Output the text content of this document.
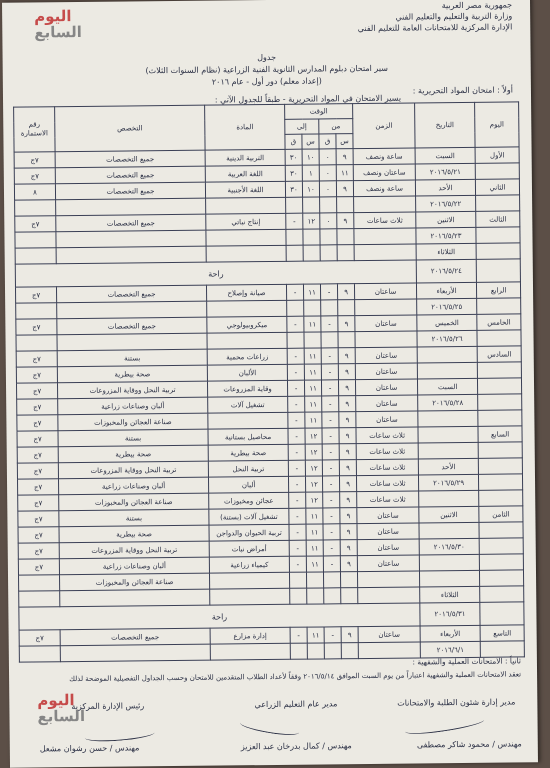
جمهورية مصر العربية
وزارة التربية والتعليم والتعليم الفني
الإدارة المركزية للامتحانات العامة للتعليم الفني
اليوم
السابع
جدول
سير امتحان دبلوم المدارس الثانوية الفنية الزراعية (نظام السنوات الثلاث)
(إعداد معلم) دور أول - عام ٢٠١٦
أولاً : امتحان المواد التحريرية :
يسير الامتحان في المواد التحريرية - طبقاً للجدول الآتي :
اليوم	التاريخ	الزمن	الوقت				المادة	التخصص	رقم الاستمارة
			من		إلى				
			س	ق	س	ق			
الأول	السبت	ساعة ونصف	٩	٠	١٠	٣٠	التربية الدينية	جميع التخصصات	٧ج
	٢٠١٦/٥/٢١	ساعتان ونصف	١١	٠	١	٣٠	اللغة العربية	جميع التخصصات	٧ج
الثاني	الأحد	ساعة ونصف	٩	٠	١٠	٣٠	اللغة الأجنبية	جميع التخصصات	٨
	٢٠١٦/٥/٢٢								
الثالث	الاثنين	ثلاث ساعات	٩	٠	١٢	-	إنتاج نباتي	جميع التخصصات	٧ج
	٢٠١٦/٥/٢٣								
	الثلاثاء								
	٢٠١٦/٥/٢٤	راحة							
الرابع	الأربعاء	ساعتان	٩	-	١١	-	صيانة وإصلاح	جميع التخصصات	٧ج
	٢٠١٦/٥/٢٥								
الخامس	الخميس	ساعتان	٩	-	١١	-	ميكروبيولوجي	جميع التخصصات	٧ج
	٢٠١٦/٥/٢٦								
السادس		ساعتان	٩	-	١١	-	زراعات محمية	بستنة	٧ج
		ساعتان	٩	-	١١	-	الألبان	صحة بيطرية	٧ج
	السبت	ساعتان	٩	-	١١	-	وقاية المزروعات	تربية النحل ووقاية المزروعات	٧ج
	٢٠١٦/٥/٢٨	ساعتان	٩	-	١١	-	تشغيل آلات	ألبان وصناعات زراعية	٧ج
		ساعتان	٩	-	١١	-		صناعة العجائن والمخبوزات	٧ج
السابع		ثلاث ساعات	٩	-	١٢	-	محاصيل بستانية	بستنة	٧ج
		ثلاث ساعات	٩	-	١٢	-	صحة بيطرية	صحة بيطرية	٧ج
	الأحد	ثلاث ساعات	٩	-	١٢	-	تربية النحل	تربية النحل ووقاية المزروعات	٧ج
	٢٠١٦/٥/٢٩	ثلاث ساعات	٩	-	١٢	-	ألبان	ألبان وصناعات زراعية	٧ج
		ثلاث ساعات	٩	-	١٢	-	عجائن ومخبوزات	صناعة العجائن والمخبوزات	٧ج
الثامن	الاثنين	ساعتان	٩	-	١١	-	تشغيل آلات (بستنة)	بستنة	٧ج
		ساعتان	٩	-	١١	-	تربية الحيوان والدواجن	صحة بيطرية	٧ج
	٢٠١٦/٥/٣٠	ساعتان	٩	-	١١	-	أمراض نبات	تربية النحل ووقاية المزروعات	٧ج
		ساعتان	٩	-	١١	-	كيمياء زراعية	ألبان وصناعات زراعية	٧ج
								صناعة العجائن والمخبوزات	
	الثلاثاء								
	٢٠١٦/٥/٣١	راحة							
التاسع	الأربعاء	ساعتان	٩	-	١١	-	إدارة مزارع	جميع التخصصات	٧ج
	٢٠١٦/٦/١								
ثانياً : الامتحانات العملية والشفهية :
تعقد الامتحانات العملية والشفهية اعتباراً من يوم السبت الموافق ٢٠١٦/٥/١٤ وفقاً لأعداد الطلاب المتقدمين للامتحان وحسب الجداول التفصيلية الموضحة لذلك
مدير إدارة شئون الطلبة والامتحانات
مدير عام التعليم الزراعي
رئيس الإدارة المركزية
مهندس / محمود شاكر مصطفى
مهندس / كمال بدرخان عبد العزيز
مهندس / حسن رشوان مشعل
اليوم
السابع
